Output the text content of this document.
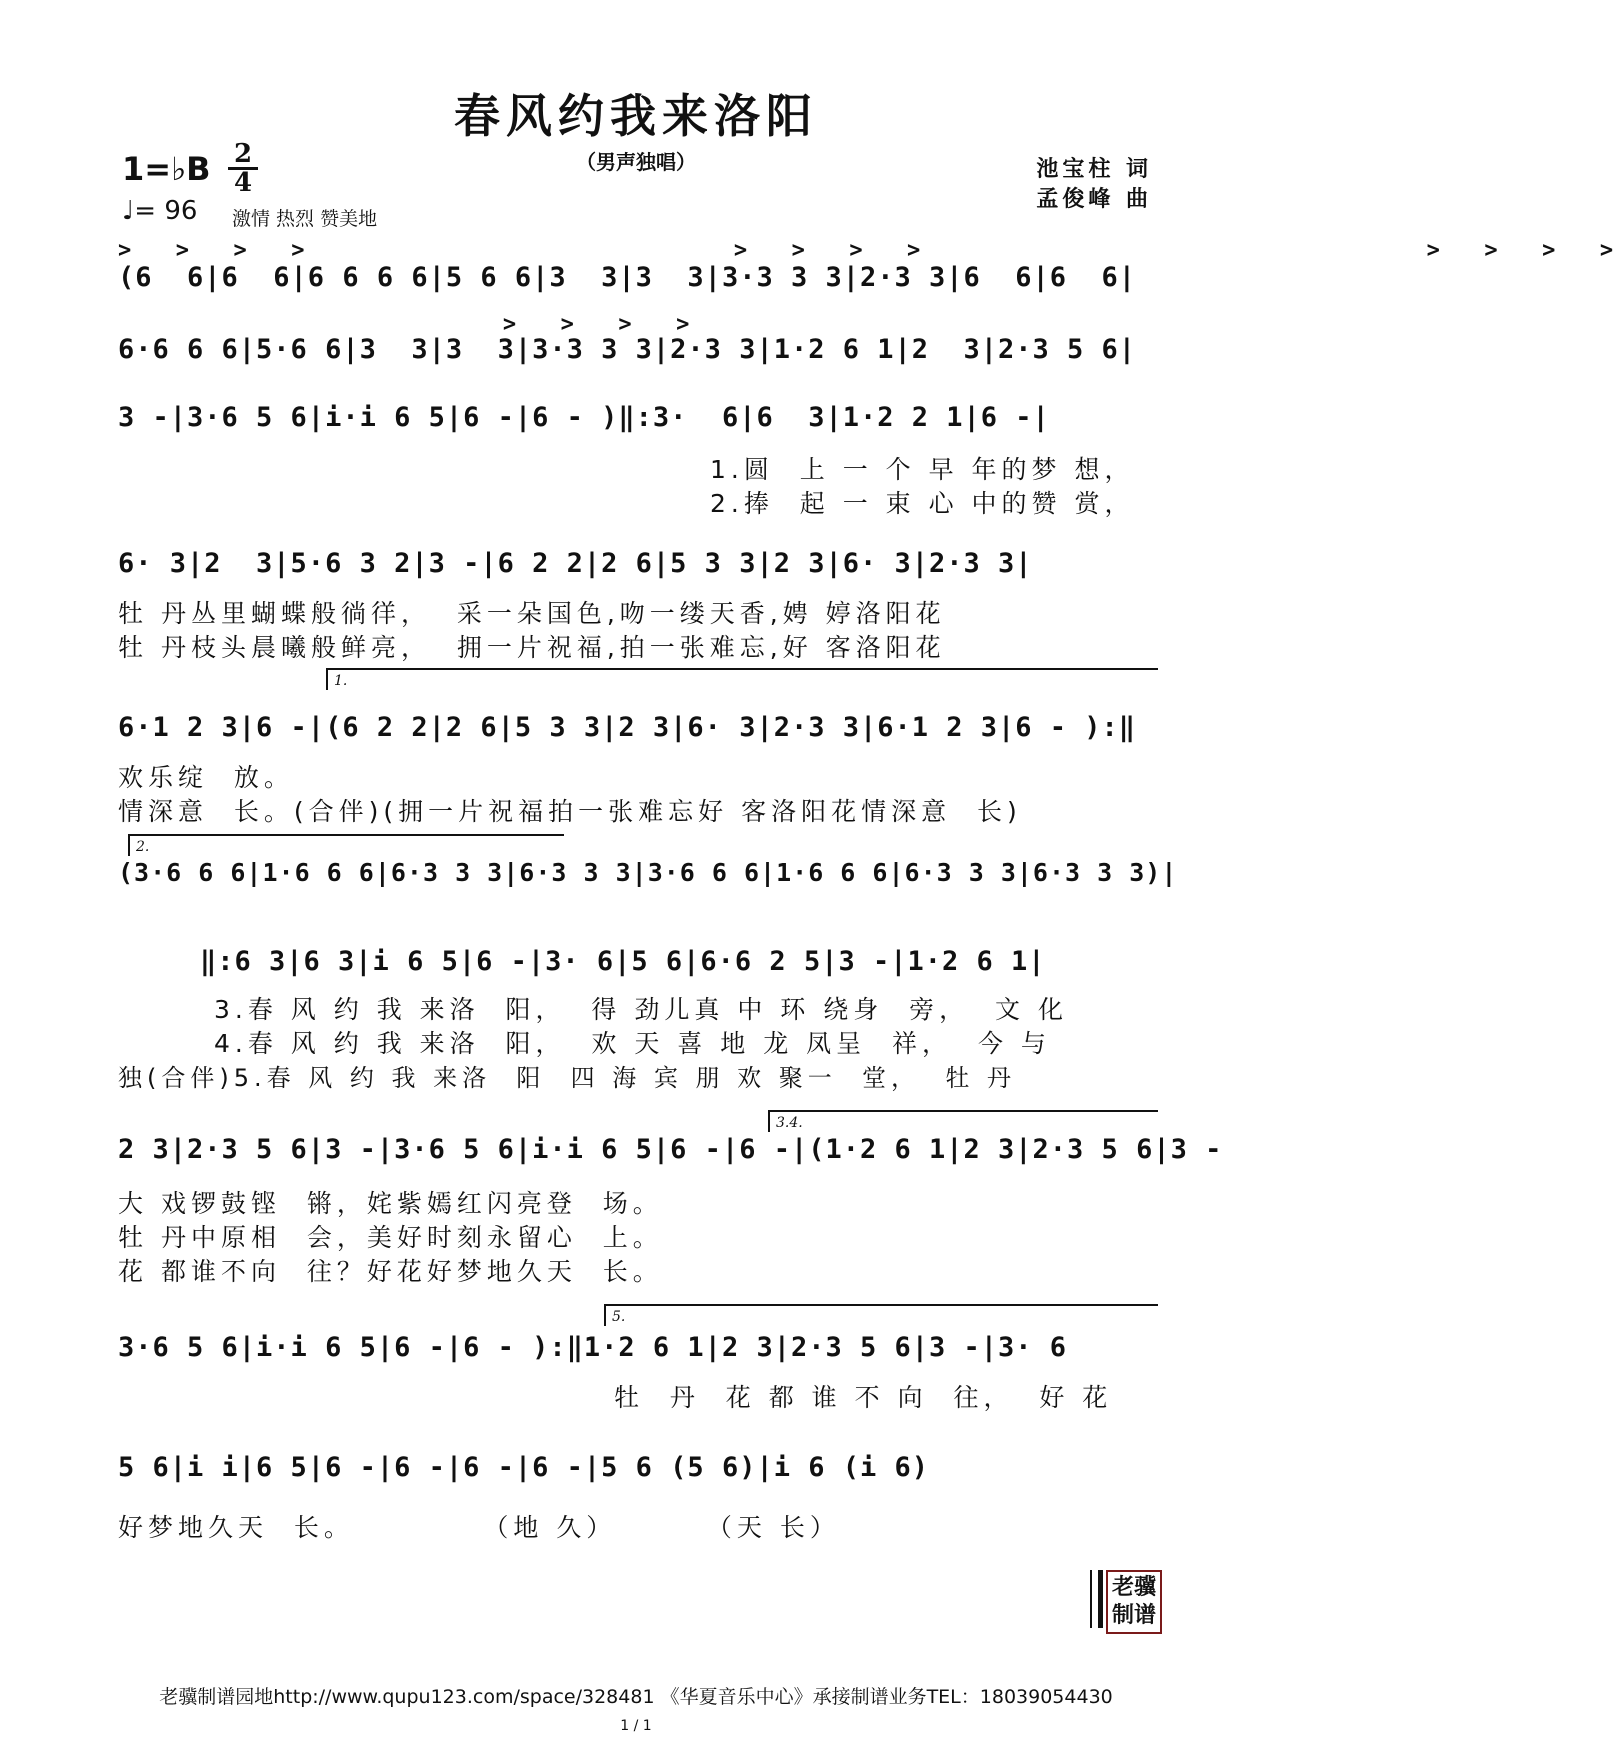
春风约我来洛阳
（男声独唱）
1=♭B 2
4
♩= 96 激情 热烈 赞美地
池宝柱 词
孟俊峰 曲
>  >  >  >                      >  >  >  >                          >  >  >  >
(6  6|6  6|6 6 6 6|5 6 6|3  3|3  3|3·3 3 3|2·3 3|6  6|6  6|
>  >  >  >
6·6 6 6|5·6 6|3  3|3  3|3·3 3 3|2·3 3|1·2 6 1|2  3|2·3 5 6|
3 -|3·6 5 6|i·i 6 5|6 -|6 - )‖:3·  6|6  3|1·2 2 1|6 -|
1.圆  上 一 个 早 年的梦 想，
2.捧  起 一 束 心 中的赞 赏，
6· 3|2  3|5·6 3 2|3 -|6 2 2|2 6|5 3 3|2 3|6· 3|2·3 3|
牡 丹丛里蝴蝶般徜徉，  采一朵国色,吻一缕天香,娉 婷洛阳花
牡 丹枝头晨曦般鲜亮，  拥一片祝福,拍一张难忘,好 客洛阳花
1.
6·1 2 3|6 -|(6 2 2|2 6|5 3 3|2 3|6· 3|2·3 3|6·1 2 3|6 - ):‖
欢乐绽  放。
情深意  长。(合伴)(拥一片祝福拍一张难忘好 客洛阳花情深意  长)
2.
(3·6 6 6|1·6 6 6|6·3 3 3|6·3 3 3|3·6 6 6|1·6 6 6|6·3 3 3|6·3 3 3)|
‖:6 3|6 3|i 6 5|6 -|3· 6|5 6|6·6 2 5|3 -|1·2 6 1|
3.春 风 约 我 来洛  阳，  得 劲儿真 中 环 绕身  旁，  文 化
4.春 风 约 我 来洛  阳，  欢 天 喜 地 龙 凤呈  祥，  今 与
独(合伴)5.春 风 约 我 来洛  阳  四 海 宾 朋 欢 聚一  堂，  牡 丹
3.4.
2 3|2·3 5 6|3 -|3·6 5 6|i·i 6 5|6 -|6 -|(1·2 6 1|2 3|2·3 5 6|3 -
大 戏锣鼓铿  锵，姹紫嫣红闪亮登  场。
牡 丹中原相  会，美好时刻永留心  上。
花 都谁不向  往？好花好梦地久天  长。
5.
3·6 5 6|i·i 6 5|6 -|6 - ):‖1·2 6 1|2 3|2·3 5 6|3 -|3· 6
牡  丹  花 都 谁 不 向  往，  好 花
5 6|i i|6 5|6 -|6 -|6 -|6 -|5 6 (5 6)|i 6 (i 6)
好梦地久天  长。          （地 久）       （天 长）
老骥
制谱
老骥制谱园地http://www.qupu123.com/space/328481 《华夏音乐中心》承接制谱业务TEL：18039054430
1 / 1
